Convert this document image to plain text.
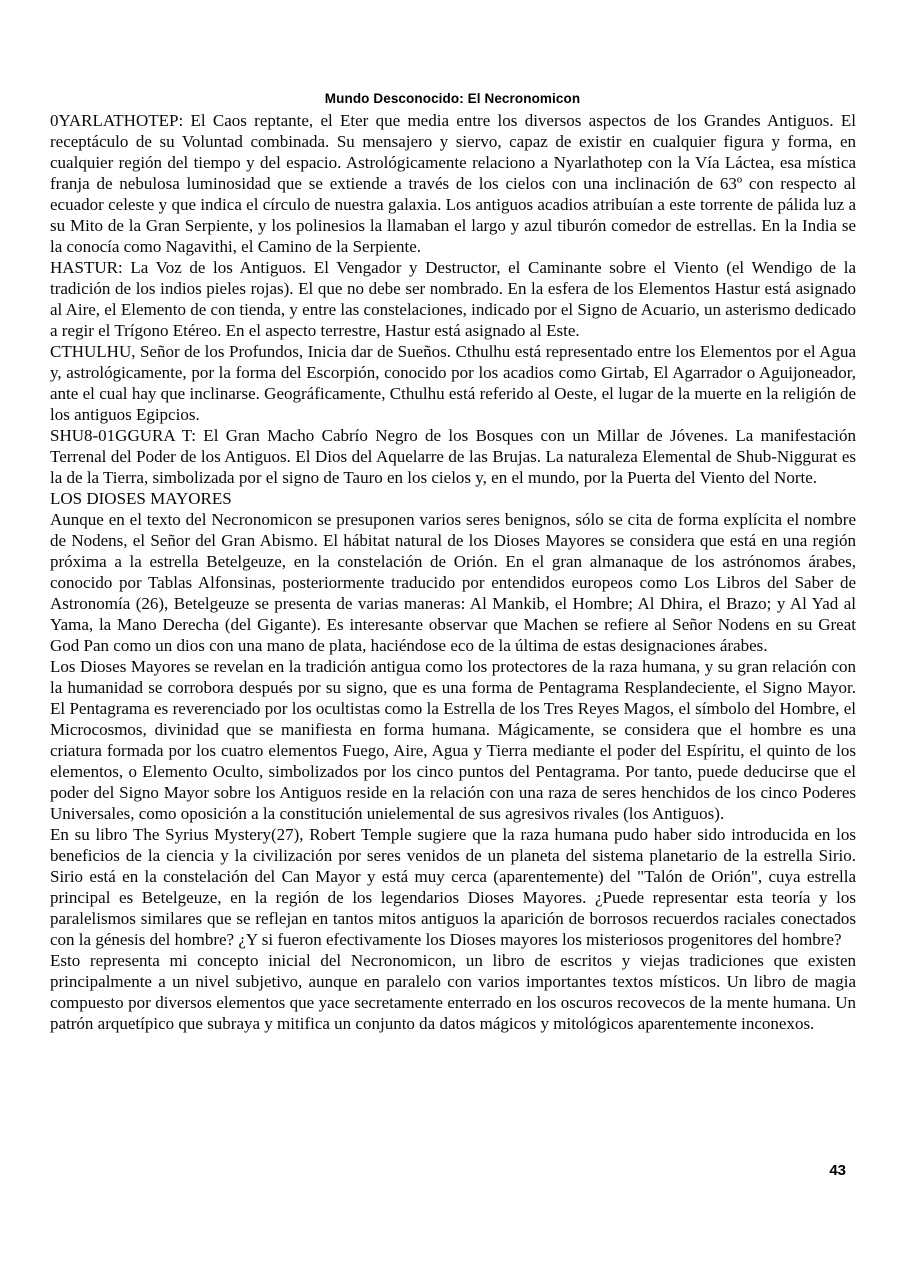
Mundo Desconocido: El Necronomicon

0YARLATHOTEP: El Caos reptante, el Eter que media entre los diversos aspectos de los Grandes Antiguos. El receptáculo de su Voluntad combinada. Su mensajero y siervo, capaz de existir en cualquier figura y forma, en cualquier región del tiempo y del espacio. Astrológicamente relaciono a Nyarlathotep con la Vía Láctea, esa mística franja de nebulosa luminosidad que se extiende a través de los cielos con una inclinación de 63º con respecto al ecuador celeste y que indica el círculo de nuestra galaxia. Los antiguos acadios atribuían a este torrente de pálida luz a su Mito de la Gran Serpiente, y los polinesios la llamaban el largo y azul tiburón comedor de estrellas. En la India se la conocía como Nagavithi, el Camino de la Serpiente.

HASTUR: La Voz de los Antiguos. El Vengador y Destructor, el Caminante sobre el Viento (el Wendigo de la tradición de los indios pieles rojas). El que no debe ser nombrado. En la esfera de los Elementos Hastur está asignado al Aire, el Elemento de con tienda, y entre las constelaciones, indicado por el Signo de Acuario, un asterismo dedicado a regir el Trígono Etéreo. En el aspecto terrestre, Hastur está asignado al Este.

CTHULHU, Señor de los Profundos, Inicia dar de Sueños. Cthulhu está representado entre los Elementos por el Agua y, astrológicamente, por la forma del Escorpión, conocido por los acadios como Girtab, El Agarrador o Aguijoneador, ante el cual hay que inclinarse. Geográficamente, Cthulhu está referido al Oeste, el lugar de la muerte en la religión de los antiguos Egipcios.

SHU8-01GGURA T: El Gran Macho Cabrío Negro de los Bosques con un Millar de Jóvenes. La manifestación Terrenal del Poder de los Antiguos. El Dios del Aquelarre de las Brujas. La naturaleza Elemental de Shub-Niggurat es la de la Tierra, simbolizada por el signo de Tauro en los cielos y, en el mundo, por la Puerta del Viento del Norte.

LOS DIOSES MAYORES

Aunque en el texto del Necronomicon se presuponen varios seres benignos, sólo se cita de forma explícita el nombre de Nodens, el Señor del Gran Abismo. El hábitat natural de los Dioses Mayores se considera que está en una región próxima a la estrella Betelgeuze, en la constelación de Orión. En el gran almanaque de los astrónomos árabes, conocido por Tablas Alfonsinas, posteriormente traducido por entendidos europeos como Los Libros del Saber de Astronomía (26), Betelgeuze se presenta de varias maneras: Al Mankib, el Hombre; Al Dhira, el Brazo; y Al Yad al Yama, la Mano Derecha (del Gigante). Es interesante observar que Machen se refiere al Señor Nodens en su Great God Pan como un dios con una mano de plata, haciéndose eco de la última de estas designaciones árabes.

Los Dioses Mayores se revelan en la tradición antigua como los protectores de la raza humana, y su gran relación con la humanidad se corrobora después por su signo, que es una forma de Pentagrama Resplandeciente, el Signo Mayor. El Pentagrama es reverenciado por los ocultistas como la Estrella de los Tres Reyes Magos, el símbolo del Hombre, el Microcosmos, divinidad que se manifiesta en forma humana. Mágicamente, se considera que el hombre es una criatura formada por los cuatro elementos Fuego, Aire, Agua y Tierra mediante el poder del Espíritu, el quinto de los elementos, o Elemento Oculto, simbolizados por los cinco puntos del Pentagrama. Por tanto, puede deducirse que el poder del Signo Mayor sobre los Antiguos reside en la relación con una raza de seres henchidos de los cinco Poderes Universales, como oposición a la constitución unielemental de sus agresivos rivales (los Antiguos).

En su libro The Syrius Mystery(27), Robert Temple sugiere que la raza humana pudo haber sido introducida en los beneficios de la ciencia y la civilización por seres venidos de un planeta del sistema planetario de la estrella Sirio. Sirio está en la constelación del Can Mayor y está muy cerca (aparentemente) del "Talón de Orión", cuya estrella principal es Betelgeuze, en la región de los legendarios Dioses Mayores. ¿Puede representar esta teoría y los paralelismos similares que se reflejan en tantos mitos antiguos la aparición de borrosos recuerdos raciales conectados con la génesis del hombre? ¿Y si fueron efectivamente los Dioses mayores los misteriosos progenitores del hombre?

Esto representa mi concepto inicial del Necronomicon, un libro de escritos y viejas tradiciones que existen principalmente a un nivel subjetivo, aunque en paralelo con varios importantes textos místicos. Un libro de magia compuesto por diversos elementos que yace secretamente enterrado en los oscuros recovecos de la mente humana. Un patrón arquetípico que subraya y mitifica un conjunto da datos mágicos y mitológicos aparentemente inconexos.

43
